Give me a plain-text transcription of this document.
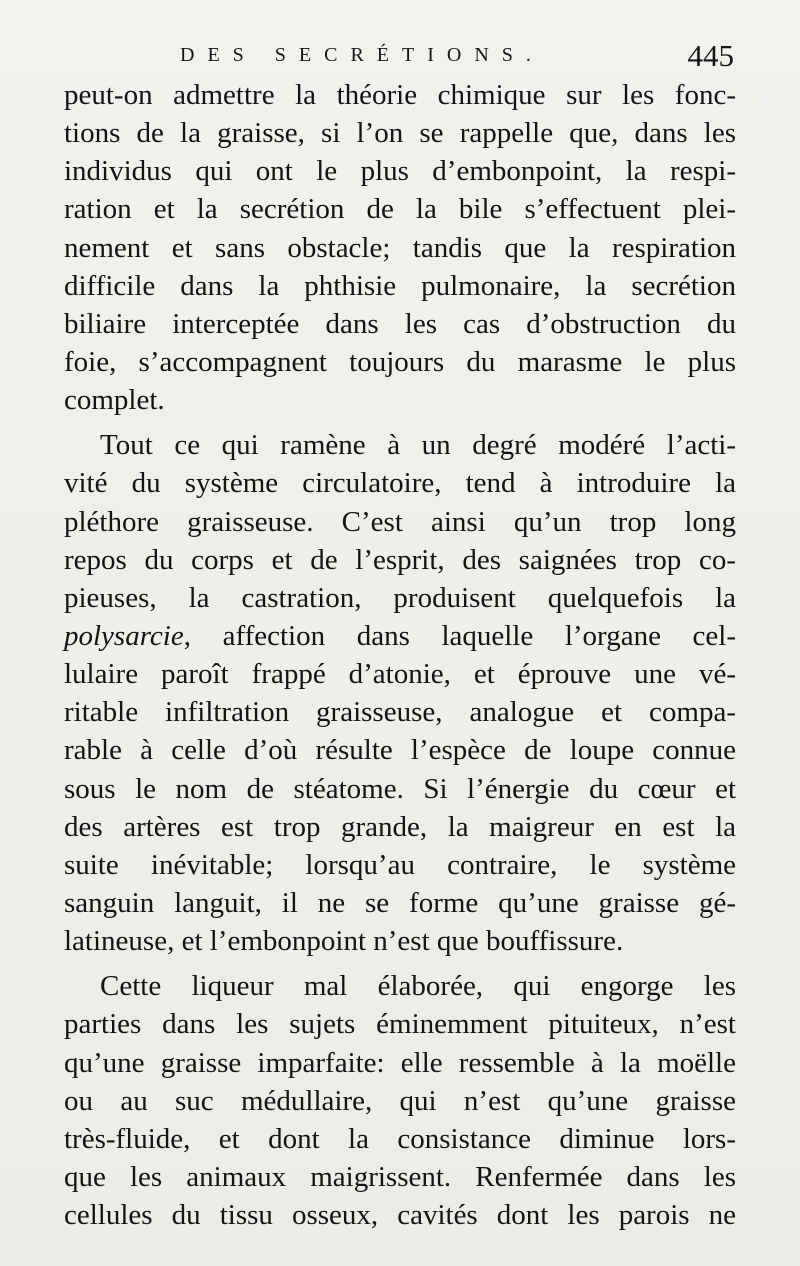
DES SECRÉTIONS.	445
peut-on admettre la théorie chimique sur les fonc-
tions de la graisse, si l’on se rappelle que, dans les
individus qui ont le plus d’embonpoint, la respi-
ration et la secrétion de la bile s’effectuent plei-
nement et sans obstacle; tandis que la respiration
difficile dans la phthisie pulmonaire, la secrétion
biliaire interceptée dans les cas d’obstruction du
foie, s’accompagnent toujours du marasme le plus
complet.
Tout ce qui ramène à un degré modéré l’acti-
vité du système circulatoire, tend à introduire la
pléthore graisseuse. C’est ainsi qu’un trop long
repos du corps et de l’esprit, des saignées trop co-
pieuses, la castration, produisent quelquefois la
polysarcie, affection dans laquelle l’organe cel-
lulaire paroît frappé d’atonie, et éprouve une vé-
ritable infiltration graisseuse, analogue et compa-
rable à celle d’où résulte l’espèce de loupe connue
sous le nom de stéatome. Si l’énergie du cœur et
des artères est trop grande, la maigreur en est la
suite inévitable; lorsqu’au contraire, le système
sanguin languit, il ne se forme qu’une graisse gé-
latineuse, et l’embonpoint n’est que bouffissure.
Cette liqueur mal élaborée, qui engorge les
parties dans les sujets éminemment pituiteux, n’est
qu’une graisse imparfaite: elle ressemble à la moëlle
ou au suc médullaire, qui n’est qu’une graisse
très-fluide, et dont la consistance diminue lors-
que les animaux maigrissent. Renfermée dans les
cellules du tissu osseux, cavités dont les parois ne
